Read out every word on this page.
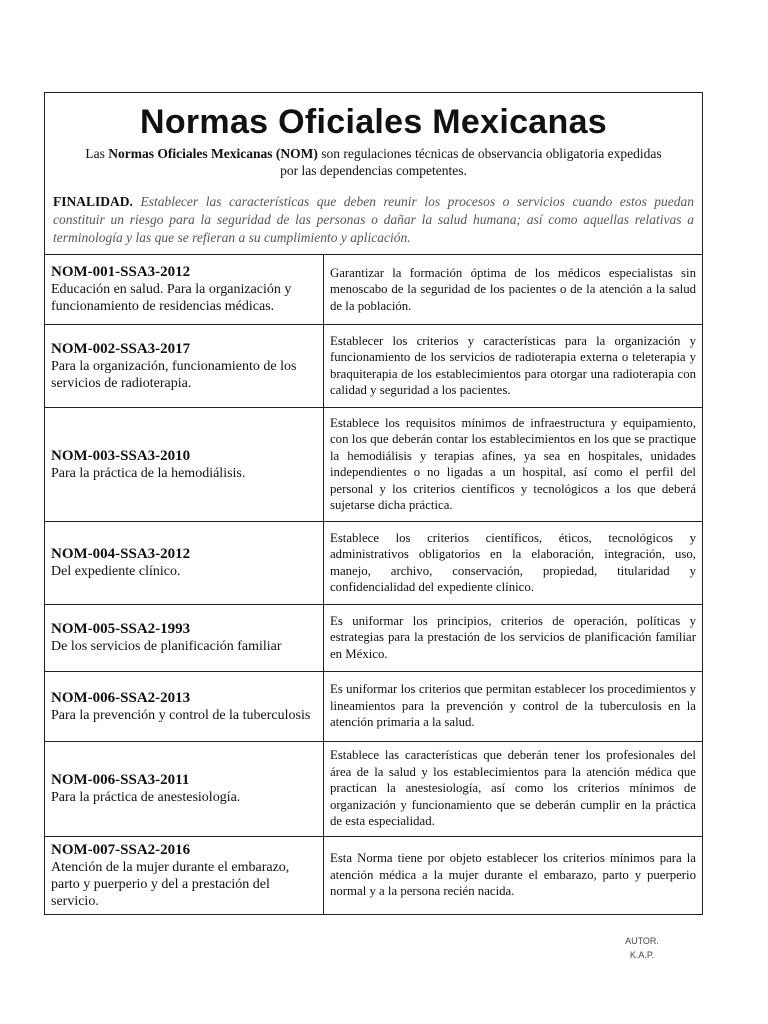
Normas Oficiales Mexicanas
Las Normas Oficiales Mexicanas (NOM) son regulaciones técnicas de observancia obligatoria expedidas por las dependencias competentes.
FINALIDAD. Establecer las características que deben reunir los procesos o servicios cuando estos puedan constituir un riesgo para la seguridad de las personas o dañar la salud humana; así como aquellas relativas a terminología y las que se refieran a su cumplimiento y aplicación.
NOM-001-SSA3-2012
Educación en salud. Para la organización y funcionamiento de residencias médicas.	Garantizar la formación óptima de los médicos especialistas sin menoscabo de la seguridad de los pacientes o de la atención a la salud de la población.

NOM-002-SSA3-2017
Para la organización, funcionamiento de los servicios de radioterapia.	Establecer los criterios y características para la organización y funcionamiento de los servicios de radioterapia externa o teleterapia y braquiterapia de los establecimientos para otorgar una radioterapia con calidad y seguridad a los pacientes.

NOM-003-SSA3-2010
Para la práctica de la hemodiálisis.	Establece los requisitos mínimos de infraestructura y equipamiento, con los que deberán contar los establecimientos en los que se practique la hemodiálisis y terapias afines, ya sea en hospitales, unidades independientes o no ligadas a un hospital, así como el perfil del personal y los criterios científicos y tecnológicos a los que deberá sujetarse dicha práctica.

NOM-004-SSA3-2012
Del expediente clínico.	Establece los criterios científicos, éticos, tecnológicos y administrativos obligatorios en la elaboración, integración, uso, manejo, archivo, conservación, propiedad, titularidad y confidencialidad del expediente clínico.

NOM-005-SSA2-1993
De los servicios de planificación familiar	Es uniformar los principios, criterios de operación, políticas y estrategias para la prestación de los servicios de planificación familiar en México.

NOM-006-SSA2-2013
Para la prevención y control de la tuberculosis	Es uniformar los criterios que permitan establecer los procedimientos y lineamientos para la prevención y control de la tuberculosis en la atención primaria a la salud.

NOM-006-SSA3-2011
Para la práctica de anestesiología.	Establece las características que deberán tener los profesionales del área de la salud y los establecimientos para la atención médica que practican la anestesiología, así como los criterios mínimos de organización y funcionamiento que se deberán cumplir en la práctica de esta especialidad.

NOM-007-SSA2-2016
Atención de la mujer durante el embarazo, parto y puerperio y del a prestación del servicio.	Esta Norma tiene por objeto establecer los criterios mínimos para la atención médica a la mujer durante el embarazo, parto y puerperio normal y a la persona recién nacida.
AUTOR.
K.A.P.
